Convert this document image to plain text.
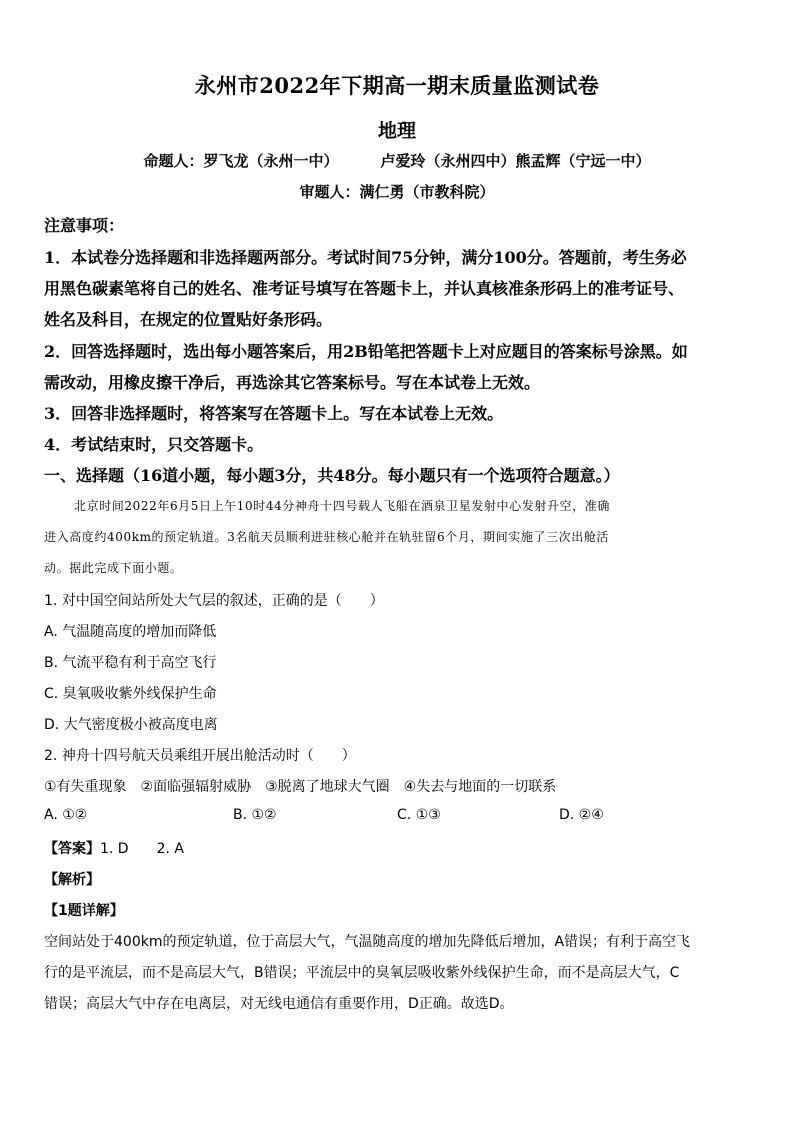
永州市2022年下期高一期末质量监测试卷
地理
命题人：罗飞龙（永州一中）	卢爱玲（永州四中）熊孟辉（宁远一中）
审题人：满仁勇（市教科院）
注意事项：
1．本试卷分选择题和非选择题两部分。考试时间75分钟，满分100分。答题前，考生务必
用黑色碳素笔将自己的姓名、准考证号填写在答题卡上，并认真核准条形码上的准考证号、
姓名及科目，在规定的位置贴好条形码。
2．回答选择题时，选出每小题答案后，用2B铅笔把答题卡上对应题目的答案标号涂黑。如
需改动，用橡皮擦干净后，再选涂其它答案标号。写在本试卷上无效。
3．回答非选择题时，将答案写在答题卡上。写在本试卷上无效。
4．考试结束时，只交答题卡。
一、选择题（16道小题，每小题3分，共48分。每小题只有一个选项符合题意。）
北京时间2022年6月5日上午10时44分神舟十四号载人飞船在酒泉卫星发射中心发射升空，准确
进入高度约400km的预定轨道。3名航天员顺利进驻核心舱并在轨驻留6个月，期间实施了三次出舱活
动。据此完成下面小题。
1. 对中国空间站所处大气层的叙述，正确的是（　　）
A. 气温随高度的增加而降低
B. 气流平稳有利于高空飞行
C. 臭氧吸收紫外线保护生命
D. 大气密度极小被高度电离
2. 神舟十四号航天员乘组开展出舱活动时（　　）
①有失重现象　②面临强辐射威胁　③脱离了地球大气圈　④失去与地面的一切联系
A. ①②	B. ①②	C. ①③	D. ②④
【答案】1. D　　2. A
【解析】
【1题详解】
空间站处于400km的预定轨道，位于高层大气，气温随高度的增加先降低后增加，A错误；有利于高空飞
行的是平流层，而不是高层大气，B错误；平流层中的臭氧层吸收紫外线保护生命，而不是高层大气，C
错误；高层大气中存在电离层，对无线电通信有重要作用，D正确。故选D。
